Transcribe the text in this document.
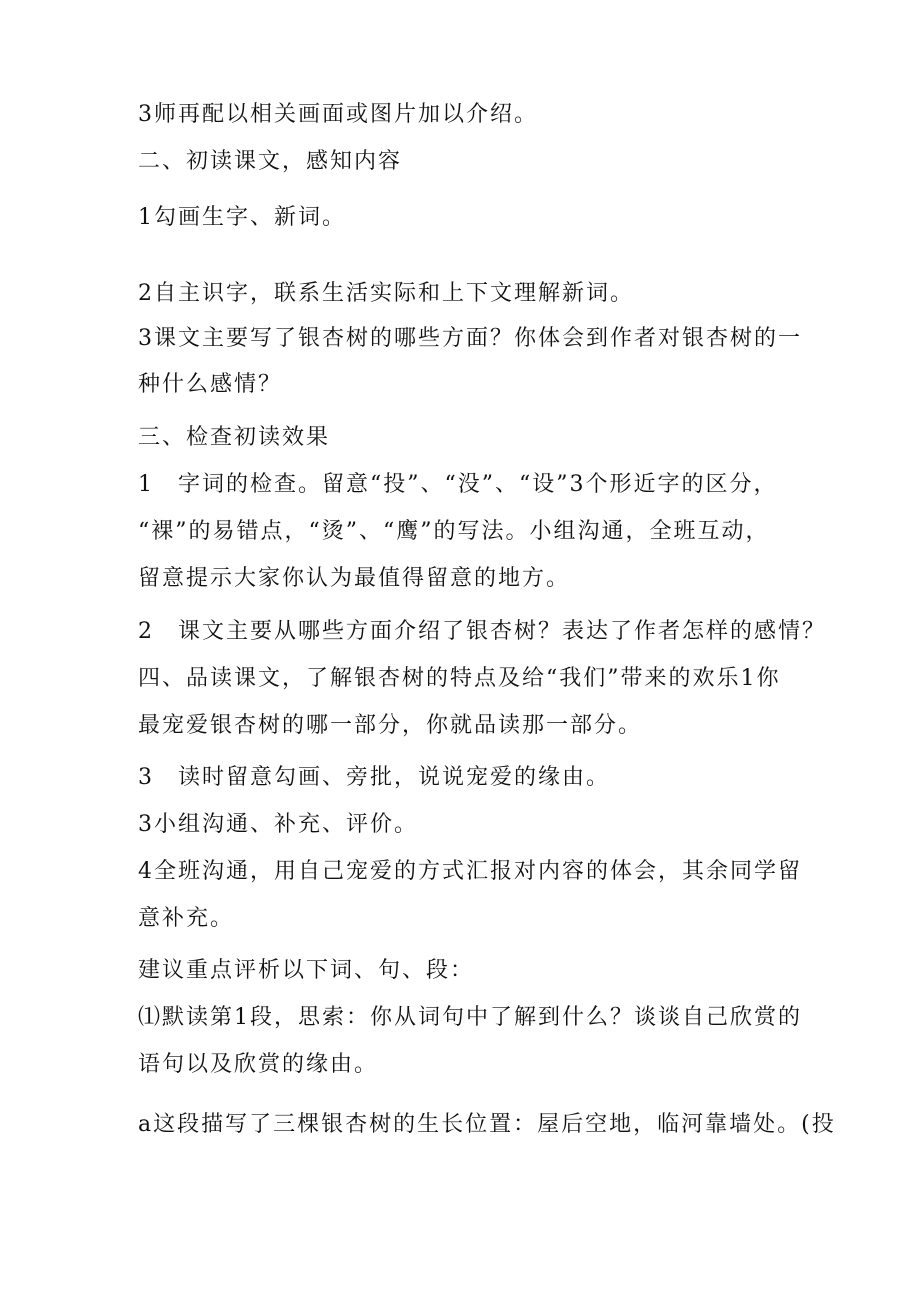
3师再配以相关画面或图片加以介绍。
二、初读课文，感知内容
1勾画生字、新词。
2自主识字，联系生活实际和上下文理解新词。
3课文主要写了银杏树的哪些方面？你体会到作者对银杏树的一
种什么感情？
三、检查初读效果
1　字词的检查。留意“投”、“没”、“设”3个形近字的区分，
“裸”的易错点，“烫”、“鹰”的写法。小组沟通，全班互动，
留意提示大家你认为最值得留意的地方。
2　课文主要从哪些方面介绍了银杏树？表达了作者怎样的感情？
四、品读课文，了解银杏树的特点及给“我们”带来的欢乐1你
最宠爱银杏树的哪一部分，你就品读那一部分。
3　读时留意勾画、旁批，说说宠爱的缘由。
3小组沟通、补充、评价。
4全班沟通，用自己宠爱的方式汇报对内容的体会，其余同学留
意补充。
建议重点评析以下词、句、段：
⑴默读第1段，思索：你从词句中了解到什么？谈谈自己欣赏的
语句以及欣赏的缘由。
a这段描写了三棵银杏树的生长位置：屋后空地，临河靠墙处。(投
